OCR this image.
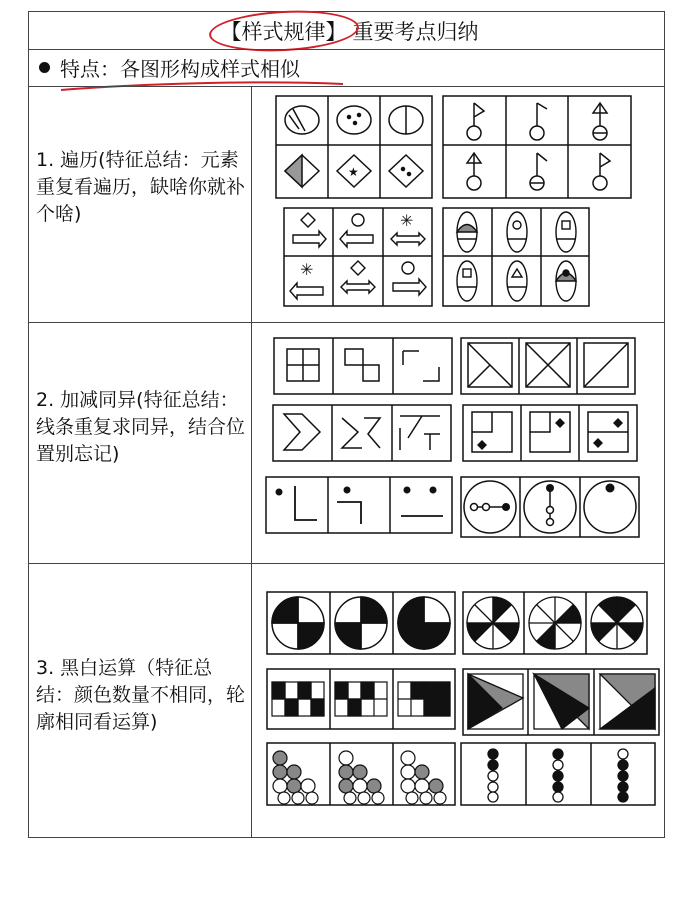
【样式规律】 重要考点归纳
特点：各图形构成样式相似
1. 遍历(特征总结：元素重复看遍历，缺啥你就补个啥)
2. 加减同异(特征总结：线条重复求同异，结合位置别忘记)
3. 黑白运算（特征总结：颜色数量不相同，轮廓相同看运算)
★
✳
✳
